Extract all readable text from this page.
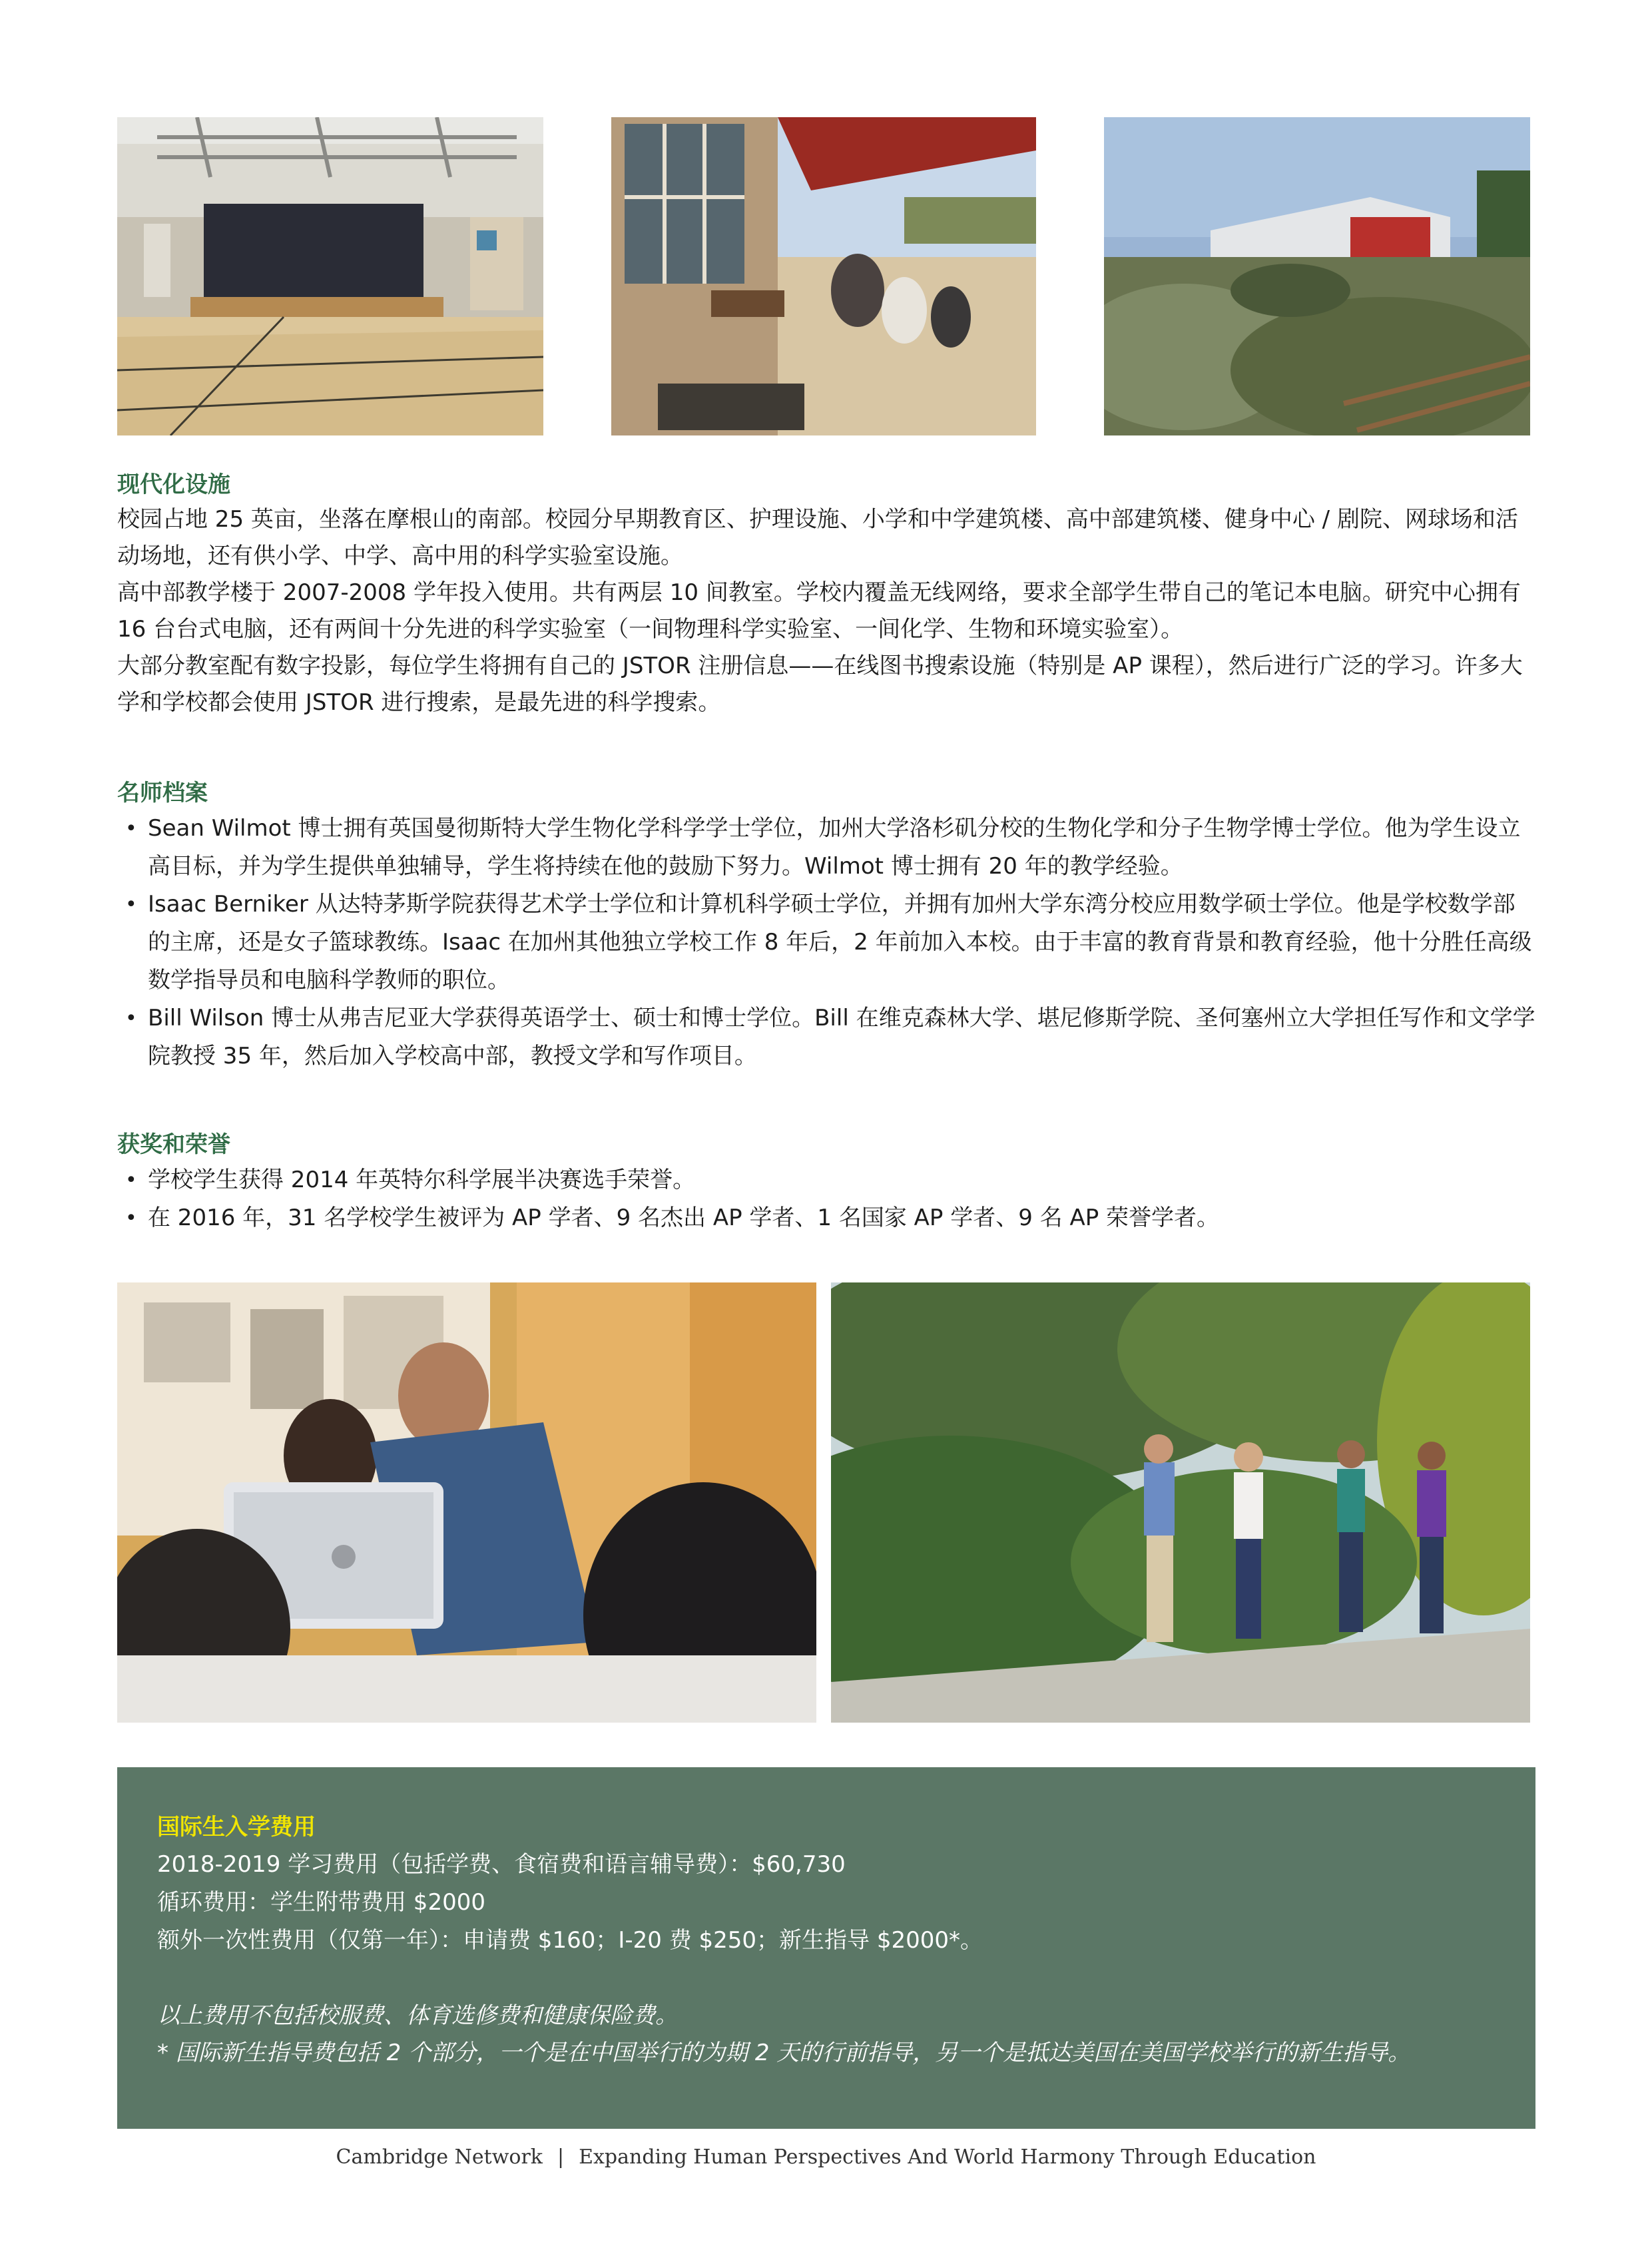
现代化设施

校园占地 25 英亩，坐落在摩根山的南部。校园分早期教育区、护理设施、小学和中学建筑楼、高中部建筑楼、健身中心 / 剧院、网球场和活动场地，还有供小学、中学、高中用的科学实验室设施。

高中部教学楼于 2007-2008 学年投入使用。共有两层 10 间教室。学校内覆盖无线网络，要求全部学生带自己的笔记本电脑。研究中心拥有 16 台台式电脑，还有两间十分先进的科学实验室（一间物理科学实验室、一间化学、生物和环境实验室）。

大部分教室配有数字投影，每位学生将拥有自己的 JSTOR 注册信息——在线图书搜索设施（特别是 AP 课程），然后进行广泛的学习。许多大学和学校都会使用 JSTOR 进行搜索，是最先进的科学搜索。

名师档案
• Sean Wilmot 博士拥有英国曼彻斯特大学生物化学科学学士学位，加州大学洛杉矶分校的生物化学和分子生物学博士学位。他为学生设立高目标，并为学生提供单独辅导，学生将持续在他的鼓励下努力。Wilmot 博士拥有 20 年的教学经验。
• Isaac Berniker 从达特茅斯学院获得艺术学士学位和计算机科学硕士学位，并拥有加州大学东湾分校应用数学硕士学位。他是学校数学部的主席，还是女子篮球教练。Isaac 在加州其他独立学校工作 8 年后，2 年前加入本校。由于丰富的教育背景和教育经验，他十分胜任高级数学指导员和电脑科学教师的职位。
• Bill Wilson 博士从弗吉尼亚大学获得英语学士、硕士和博士学位。Bill 在维克森林大学、堪尼修斯学院、圣何塞州立大学担任写作和文学学院教授 35 年，然后加入学校高中部，教授文学和写作项目。
获奖和荣誉
• 学校学生获得 2014 年英特尔科学展半决赛选手荣誉。
• 在 2016 年，31 名学校学生被评为 AP 学者、9 名杰出 AP 学者、1 名国家 AP 学者、9 名 AP 荣誉学者。
国际生入学费用
2018-2019 学习费用（包括学费、食宿费和语言辅导费）：$60,730
循环费用：学生附带费用 $2000
额外一次性费用（仅第一年）：申请费 $160；I-20 费 $250；新生指导 $2000*。
以上费用不包括校服费、体育选修费和健康保险费。
* 国际新生指导费包括 2 个部分，一个是在中国举行的为期 2 天的行前指导，另一个是抵达美国在美国学校举行的新生指导。
Cambridge Network | Expanding Human Perspectives And World Harmony Through Education
